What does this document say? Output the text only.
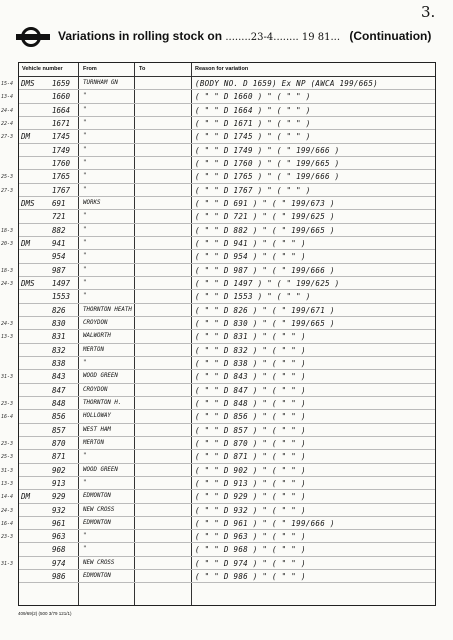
3.
Variations in rolling stock on ........23-4........ 19 81... (Continuation)
Vehicle number	From	To	Reason for variation
15-4 DMS 1659 TURNHAM GN	(BODY NO. D 1659) Ex NP (AWCA 199/665)
13-4	1660 "	( " " D 1660 ) " ( " " )
24-4	1664 "	( " " D 1664 ) " ( " " )
22-4	1671 "	( " " D 1671 ) " ( " " )
27-3 DM	1745 "	( " " D 1745 ) " ( " " )
1749 "	( " " D 1749 ) " ( " 199/666 )
1760 "	( " " D 1760 ) " ( " 199/665 )
25-3	1765 "	( " " D 1765 ) " ( " 199/666 )
27-3	1767 "	( " " D 1767 ) " ( " " )
DMS 691	WORKS	( " " D 691 ) " ( " 199/673 )
721	"	( " " D 721 ) " ( " 199/625 )
18-3	882	"	( " " D 882 ) " ( " 199/665 )
20-3 DM	941	"	( " " D 941 ) " ( " " )
954	"	( " " D 954 ) " ( " " )
18-3	987	"	( " " D 987 ) " ( " 199/666 )
24-3 DMS 1497 "	( " " D 1497 ) " ( " 199/625 )
1553 "	( " " D 1553 ) " ( " " )
826	THORNTON HEATH	( " " D 826 ) " ( " 199/671 )
24-3	830	CROYDON	( " " D 830 ) " ( " 199/665 )
13-3	831	WALWORTH	( " " D 831 ) " ( " " )
832	MERTON	( " " D 832 ) " ( " " )
838	"	( " " D 838 ) " ( " " )
31-3	843	WOOD GREEN	( " " D 843 ) " ( " " )
847	CROYDON	( " " D 847 ) " ( " " )
23-3	848	THORNTON H.	( " " D 848 ) " ( " " )
16-4	856	HOLLOWAY	( " " D 856 ) " ( " " )
857	WEST HAM	( " " D 857 ) " ( " " )
23-3	870	MERTON	( " " D 870 ) " ( " " )
25-3	871	"	( " " D 871 ) " ( " " )
31-3	902	WOOD GREEN	( " " D 902 ) " ( " " )
13-3	913	"	( " " D 913 ) " ( " " )
14-4 DM	929	EDMONTON	( " " D 929 ) " ( " " )
24-3	932	NEW CROSS	( " " D 932 ) " ( " " )
16-4	961	EDMONTON	( " " D 961 ) " ( " 199/666 )
23-3	963	"	( " " D 963 ) " ( " " )
968	"	( " " D 968 ) " ( " " )
31-3	974	NEW CROSS	( " " D 974 ) " ( " " )
986	EDMONTON	( " " D 986 ) " ( " " )
409/69(2) (500 3/79 121/1)
